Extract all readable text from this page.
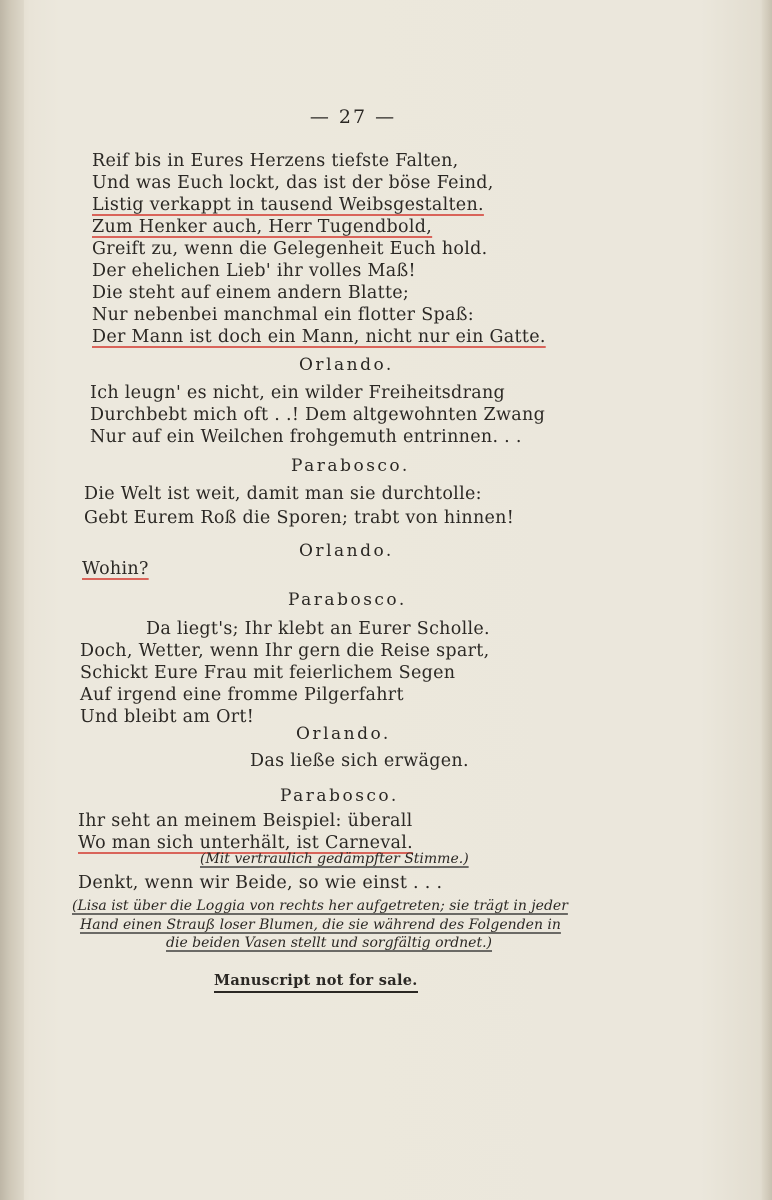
— 27 —
Reif bis in Eures Herzens tiefste Falten,
Und was Euch lockt, das ist der böse Feind,
Listig verkappt in tausend Weibsgestalten.
Zum Henker auch, Herr Tugendbold,
Greift zu, wenn die Gelegenheit Euch hold.
Der ehelichen Lieb' ihr volles Maß!
Die steht auf einem andern Blatte;
Nur nebenbei manchmal ein flotter Spaß:
Der Mann ist doch ein Mann, nicht nur ein Gatte.
Orlando.
Ich leugn' es nicht, ein wilder Freiheitsdrang
Durchbebt mich oft . .! Dem altgewohnten Zwang
Nur auf ein Weilchen frohgemuth entrinnen. . .
Parabosco.
Die Welt ist weit, damit man sie durchtolle:
Gebt Eurem Roß die Sporen; trabt von hinnen!
Orlando.
Wohin?
Parabosco.
Da liegt's; Ihr klebt an Eurer Scholle.
Doch, Wetter, wenn Ihr gern die Reise spart,
Schickt Eure Frau mit feierlichem Segen
Auf irgend eine fromme Pilgerfahrt
Und bleibt am Ort!
Orlando.
Das ließe sich erwägen.
Parabosco.
Ihr seht an meinem Beispiel: überall
Wo man sich unterhält, ist Carneval.
(Mit vertraulich gedämpfter Stimme.)
Denkt, wenn wir Beide, so wie einst . . .
(Lisa ist über die Loggia von rechts her aufgetreten; sie trägt in jeder
Hand einen Strauß loser Blumen, die sie während des Folgenden in
die beiden Vasen stellt und sorgfältig ordnet.)
Manuscript not for sale.
